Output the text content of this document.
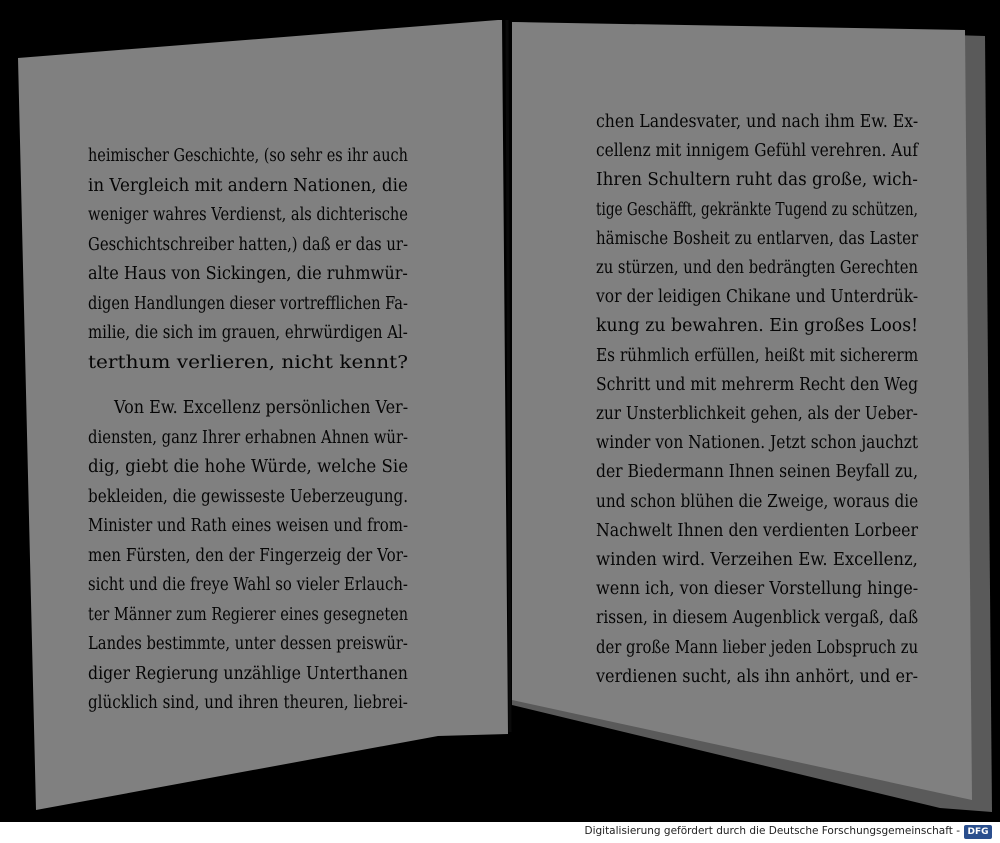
heimischer Geschichte, (so sehr es ihr auch
in Vergleich mit andern Nationen, die
weniger wahres Verdienst, als dichterische
Geschichtschreiber hatten,) daß er das ur-
alte Haus von Sickingen, die ruhmwür-
digen Handlungen dieser vortrefflichen Fa-
milie, die sich im grauen, ehrwürdigen Al-
terthum verlieren, nicht kennt?
Von Ew. Excellenz persönlichen Ver-
diensten, ganz Ihrer erhabnen Ahnen wür-
dig, giebt die hohe Würde, welche Sie
bekleiden, die gewisseste Ueberzeugung.
Minister und Rath eines weisen und from-
men Fürsten, den der Fingerzeig der Vor-
sicht und die freye Wahl so vieler Erlauch-
ter Männer zum Regierer eines gesegneten
Landes bestimmte, unter dessen preiswür-
diger Regierung unzählige Unterthanen
glücklich sind, und ihren theuren, liebrei-
chen Landesvater, und nach ihm Ew. Ex-
cellenz mit innigem Gefühl verehren. Auf
Ihren Schultern ruht das große, wich-
tige Geschäfft, gekränkte Tugend zu schützen,
hämische Bosheit zu entlarven, das Laster
zu stürzen, und den bedrängten Gerechten
vor der leidigen Chikane und Unterdrük-
kung zu bewahren. Ein großes Loos!
Es rühmlich erfüllen, heißt mit sichererm
Schritt und mit mehrerm Recht den Weg
zur Unsterblichkeit gehen, als der Ueber-
winder von Nationen. Jetzt schon jauchzt
der Biedermann Ihnen seinen Beyfall zu,
und schon blühen die Zweige, woraus die
Nachwelt Ihnen den verdienten Lorbeer
winden wird. Verzeihen Ew. Excellenz,
wenn ich, von dieser Vorstellung hinge-
rissen, in diesem Augenblick vergaß, daß
der große Mann lieber jeden Lobspruch zu
verdienen sucht, als ihn anhört, und er-
Digitalisierung gefördert durch die Deutsche Forschungsgemeinschaft - DFG
